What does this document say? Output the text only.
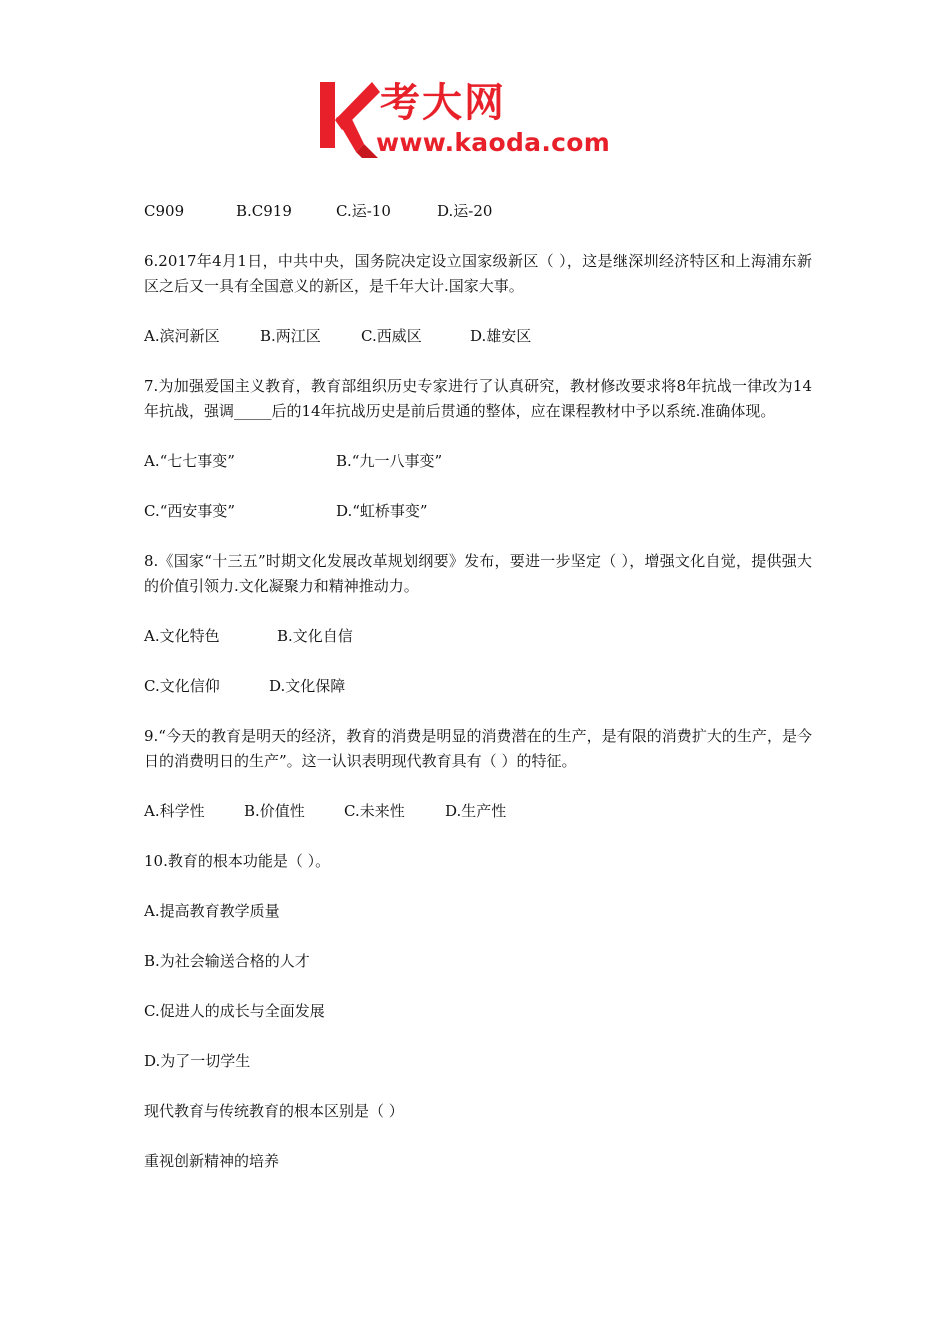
考大网
www.kaoda.com

C909	B.C919	C.运-10	D.运-20

6.2017年4月1日，中共中央，国务院决定设立国家级新区（ ），这是继深圳经济特区和上海浦东新区之后又一具有全国意义的新区，是千年大计.国家大事。

A.滨河新区	B.两江区	C.西威区	D.雄安区

7.为加强爱国主义教育，教育部组织历史专家进行了认真研究，教材修改要求将8年抗战一律改为14年抗战，强调_____后的14年抗战历史是前后贯通的整体，应在课程教材中予以系统.准确体现。

A.“七七事变”	B.“九一八事变”

C.“西安事变”	D.“虹桥事变”

8.《国家“十三五”时期文化发展改革规划纲要》发布，要进一步坚定（ ），增强文化自觉，提供强大的价值引领力.文化凝聚力和精神推动力。

A.文化特色	B.文化自信

C.文化信仰	D.文化保障

9.“今天的教育是明天的经济，教育的消费是明显的消费潜在的生产，是有限的消费扩大的生产，是今日的消费明日的生产”。这一认识表明现代教育具有（ ）的特征。

A.科学性	B.价值性	C.未来性	D.生产性

10.教育的根本功能是（ ）。

A.提高教育教学质量

B.为社会输送合格的人才

C.促进人的成长与全面发展

D.为了一切学生

现代教育与传统教育的根本区别是（ ）

重视创新精神的培养
